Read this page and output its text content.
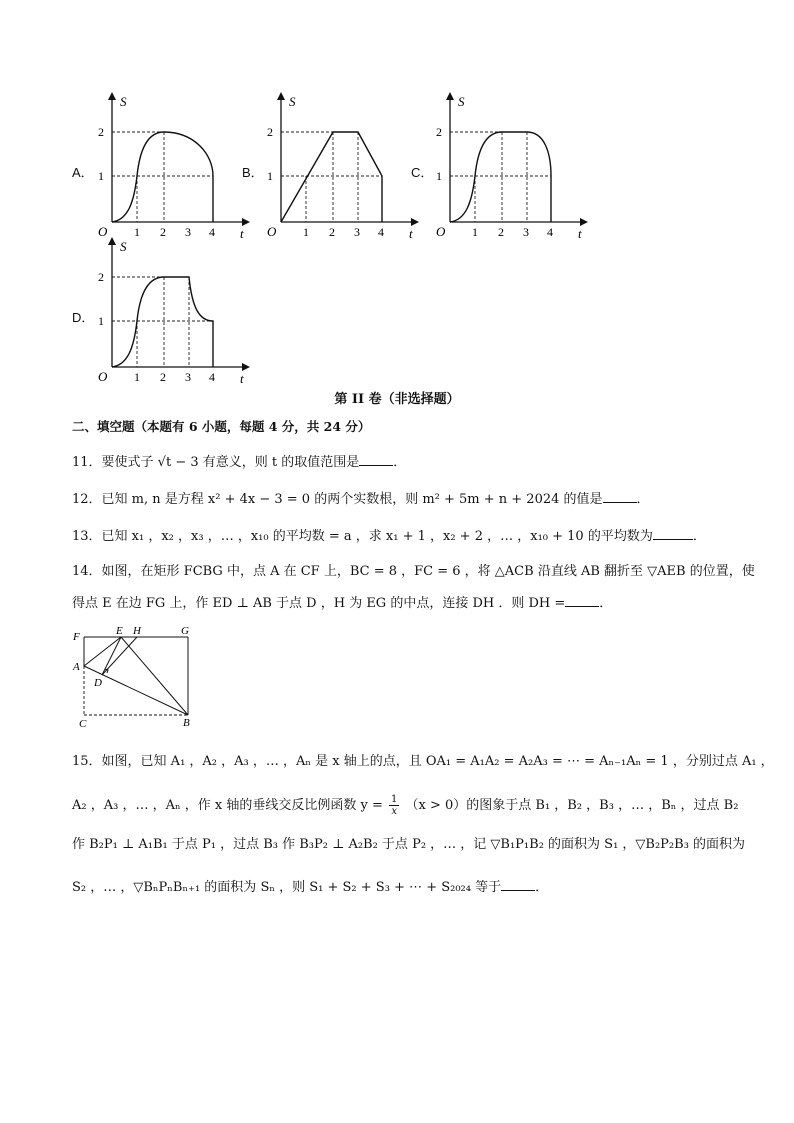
A．
S
t
O
1
2
1 2 3 4
B．
S
t
O
1
2
1 2 3 4
C．
S
t
O
1
2
1 2 3 4
D．
S
t
O
1
2
1 2 3 4
第 II 卷（非选择题）
二、填空题（本题有 6 小题，每题 4 分，共 24 分）
11．要使式子 √t − 3 有意义，则 t 的取值范围是	．
12．已知 m, n 是方程 x² + 4x − 3 = 0 的两个实数根，则 m² + 5m + n + 2024 的值是	．
13．已知 x₁ ，x₂ ，x₃ ，… ，x₁₀ 的平均数 = a ，求 x₁ + 1 ，x₂ + 2 ，… ，x₁₀ + 10 的平均数为	．
14．如图，在矩形 FCBG 中，点 A 在 CF 上，BC = 8 ，FC = 6 ，将 △ACB 沿直线 AB 翻折至 ▽AEB 的位置，使
得点 E 在边 FG 上，作 ED ⊥ AB 于点 D ，H 为 EG 的中点，连接 DH ．则 DH =	．
F	E H	G
A
D
C	B
15．如图，已知 A₁ ，A₂ ，A₃ ，… ，Aₙ 是 x 轴上的点，且 OA₁ = A₁A₂ = A₂A₃ = ⋯ = Aₙ₋₁Aₙ = 1 ，分别过点 A₁ ，
A₂ ，A₃ ，… ，Aₙ ，作 x 轴的垂线交反比例函数 $y = \frac{1}{x} (x > 0)$的图象于点 B₁ ，B₂ ，B₃ ，… ，Bₙ ，过点 B₂
作 B₂P₁ ⊥ A₁B₁ 于点 P₁ ，过点 B₃ 作 B₃P₂ ⊥ A₂B₂ 于点 P₂ ，… ，记 ▽B₁P₁B₂ 的面积为 S₁ ，▽B₂P₂B₃ 的面积为
S₂ ，… ，▽BₙPₙBₙ₊₁ 的面积为 Sₙ ，则 S₁ + S₂ + S₃ + ⋯ + S₂₀₂₄ 等于	．
